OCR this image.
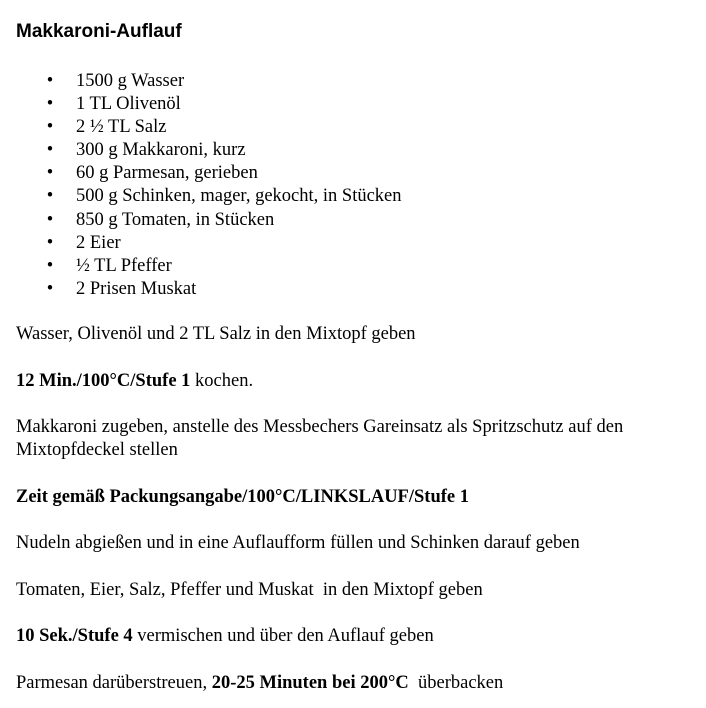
Makkaroni-Auflauf
• 1500 g Wasser
• 1 TL Olivenöl
• 2 ½ TL Salz
• 300 g Makkaroni, kurz
• 60 g Parmesan, gerieben
• 500 g Schinken, mager, gekocht, in Stücken
• 850 g Tomaten, in Stücken
• 2 Eier
• ½ TL Pfeffer
• 2 Prisen Muskat

Wasser, Olivenöl und 2 TL Salz in den Mixtopf geben

12 Min./100°C/Stufe 1 kochen.

Makkaroni zugeben, anstelle des Messbechers Gareinsatz als Spritzschutz auf den
Mixtopfdeckel stellen

Zeit gemäß Packungsangabe/100°C/LINKSLAUF/Stufe 1

Nudeln abgießen und in eine Auflaufform füllen und Schinken darauf geben

Tomaten, Eier, Salz, Pfeffer und Muskat  in den Mixtopf geben

10 Sek./Stufe 4 vermischen und über den Auflauf geben

Parmesan darüberstreuen, 20-25 Minuten bei 200°C  überbacken
